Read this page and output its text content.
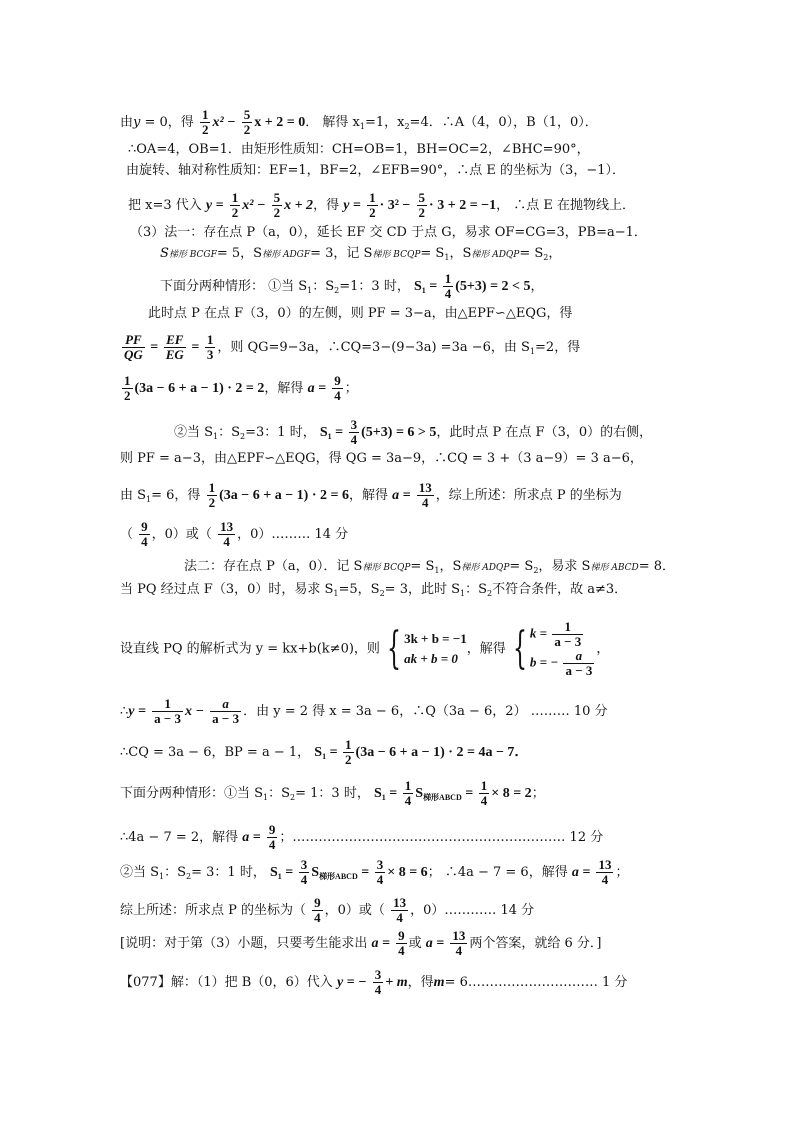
由y = 0，得 $\frac{1}{2} x^2 - \frac{5}{2}$ x + 2 = 0． 解得 $x_1=1$，$x_2=4$．∴A（4，0），B（1，0）．
∴OA=4，OB=1．由矩形性质知：CH=OB=1，BH=OC=2，∠BHC=90°，
由旋转、轴对称性质知：EF=1，BF=2，∠EFB=90°，∴点 E 的坐标为（3，−1）．
把 x=3 代入 $y = \frac{1}{2} x^2 - \frac{5}{2}$ x + 2，得 $y = \frac{1}{2} \cdot 3^2 - \frac{5}{2} \cdot 3 + 2 = -1$， ∴点 E 在抛物线上．
（3）法一：存在点 P（a，0），延长 EF 交 CD 于点 G，易求 OF=CG=3，PB=a−1．
S梯形 BCGF= 5，S梯形 ADGF= 3，记 S梯形 BCQP= $S_1$，S梯形 ADQP= $S_2$，
下面分两种情形： ①当 $S_1$：$S_2=1$：3 时， $S_1 = \frac{1}{4} (5+3) = 2 < 5$，
此时点 P 在点 F（3，0）的左侧，则 PF = 3−a，由△EPF∽△EQG，得
$\frac{PF}{QG} = \frac{EF}{EG} = \frac{1}{3}$ ，则 QG=9−3a，∴CQ=3−(9−3a) =3a −6，由 $S_1=2$，得
$\frac{1}{2} (3a - 6 + a - 1) \cdot 2 = 2$，解得 $a = \frac{9}{4}$ ；
②当 $S_1$：$S_2=3$：1 时， $S_1 = \frac{3}{4} (5+3) = 6 > 5$，此时点 P 在点 F（3，0）的右侧，
则 PF = a−3，由△EPF∽△EQG，得 QG = 3a−9，∴CQ = 3 +（3 a−9）= 3 a−6，
由 $S_1= 6$，得 $\frac{1}{2} (3a - 6 + a - 1) \cdot 2 = 6$，解得 $a = \frac{13}{4}$ ，综上所述：所求点 P 的坐标为
（ $\frac{9}{4}$ ，0）或（ $\frac{13}{4}$ ，0）……… 14 分
法二：存在点 P（a，0）．记 S梯形 BCQP= $S_1$，S梯形 ADQP= $S_2$，易求 S梯形 ABCD= 8．
当 PQ 经过点 F（3，0）时，易求 $S_1=5$，$S_2= 3$，此时 $S_1$：$S_2$不符合条件，故 a≠3．
设直线 PQ 的解析式为 y = kx+b(k≠0)，则 { 3k + b = −1
ak + b = 0
，解得 { $k = \frac{1}{a - 3}$
b = − $\frac{a}{a - 3}$ ，
∴y = $\frac{1}{a - 3}$ $x - \frac{a}{a - 3}$ ．由 y = 2 得 x = 3a − 6，∴Q（3a − 6，2） ……… 10 分
∴CQ = 3a − 6，BP = a − 1， $S_1 = \frac{1}{2} (3a - 6 + a - 1) \cdot 2 = 4a - 7$．
下面分两种情形：①当 $S_1$：$S_2= 1$：3 时， $S_1 = \frac{1}{4} S_{梯形ABCD} = \frac{1}{4} \times 8 = 2$；
∴4a − 7 = 2，解得 $a = \frac{9}{4}$ ；……………………………………………………… 12 分
②当 $S_1$：$S_2= 3$：1 时， $S_1 = \frac{3}{4} S_{梯形ABCD} = \frac{3}{4} \times 8 = 6$； ∴4a − 7 = 6，解得 $a = \frac{13}{4}$ ；
综上所述：所求点 P 的坐标为（ $\frac{9}{4}$ ，0）或（ $\frac{13}{4}$ ，0）………… 14 分
[说明：对于第（3）小题，只要考生能求出 $a = \frac{9}{4}$ 或 $a = \frac{13}{4}$ 两个答案，就给 6 分．]
【077】解：（1）把 B（0，6）代入 y = − $\frac{3}{4} + m$，得m= 6………………………… 1 分
